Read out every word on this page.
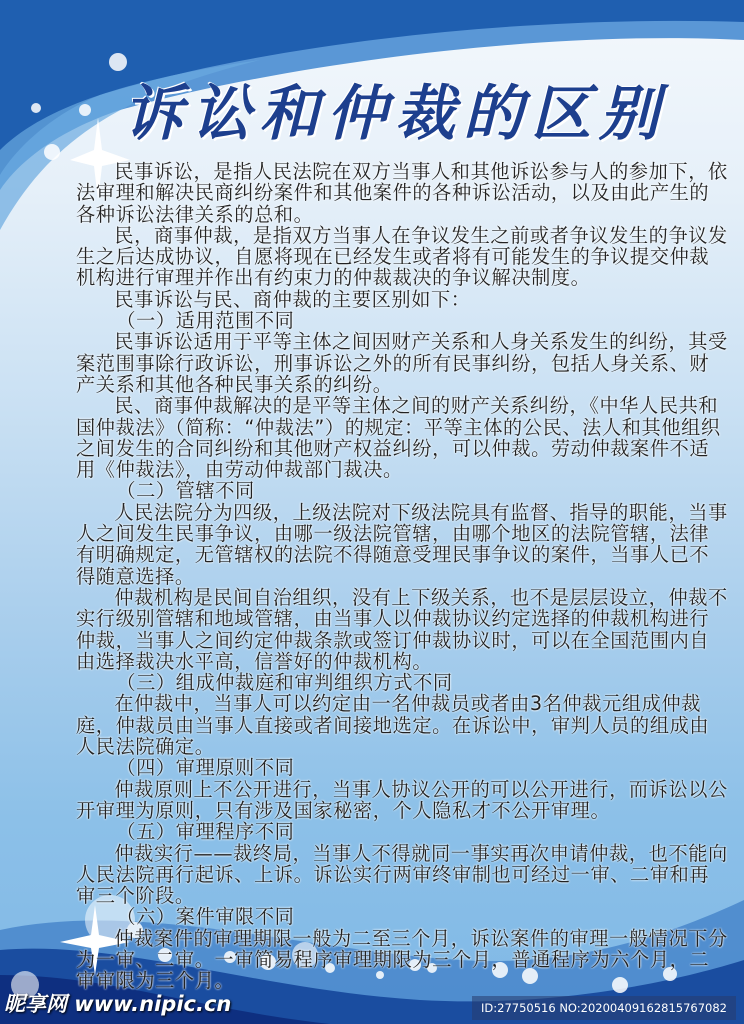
诉讼和仲裁的区别

民事诉讼，是指人民法院在双方当事人和其他诉讼参与人的参加下，依法审理和解决民商纠纷案件和其他案件的各种诉讼活动，以及由此产生的各种诉讼法律关系的总和。

民，商事仲裁，是指双方当事人在争议发生之前或者争议发生的争议发生之后达成协议，自愿将现在已经发生或者将有可能发生的争议提交仲裁机构进行审理并作出有约束力的仲裁裁决的争议解决制度。

民事诉讼与民、商仲裁的主要区别如下：

（一）适用范围不同

民事诉讼适用于平等主体之间因财产关系和人身关系发生的纠纷，其受案范围事除行政诉讼，刑事诉讼之外的所有民事纠纷，包括人身关系、财产关系和其他各种民事关系的纠纷。

民、商事仲裁解决的是平等主体之间的财产关系纠纷，《中华人民共和国仲裁法》（简称：“仲裁法”）的规定：平等主体的公民、法人和其他组织之间发生的合同纠纷和其他财产权益纠纷，可以仲裁。劳动仲裁案件不适用《仲裁法》，由劳动仲裁部门裁决。

（二）管辖不同

人民法院分为四级，上级法院对下级法院具有监督、指导的职能，当事人之间发生民事争议，由哪一级法院管辖，由哪个地区的法院管辖，法律有明确规定，无管辖权的法院不得随意受理民事争议的案件，当事人已不得随意选择。

仲裁机构是民间自治组织，没有上下级关系，也不是层层设立，仲裁不实行级别管辖和地域管辖，由当事人以仲裁协议约定选择的仲裁机构进行仲裁，当事人之间约定仲裁条款或签订仲裁协议时，可以在全国范围内自由选择裁决水平高，信誉好的仲裁机构。

（三）组成仲裁庭和审判组织方式不同

在仲裁中，当事人可以约定由一名仲裁员或者由3名仲裁元组成仲裁庭，仲裁员由当事人直接或者间接地选定。在诉讼中，审判人员的组成由人民法院确定。

（四）审理原则不同

仲裁原则上不公开进行，当事人协议公开的可以公开进行，而诉讼以公开审理为原则，只有涉及国家秘密，个人隐私才不公开审理。

（五）审理程序不同

仲裁实行——裁终局，当事人不得就同一事实再次申请仲裁，也不能向人民法院再行起诉、上诉。诉讼实行两审终审制也可经过一审、二审和再审三个阶段。

（六）案件审限不同

仲裁案件的审理期限一般为二至三个月，诉讼案件的审理一般情况下分为一审、二审。一审简易程序审理期限为三个月，普通程序为六个月，二审审限为三个月。

昵享网 www.nipic.cn	ID:27750516 NO:20200409162815767082
